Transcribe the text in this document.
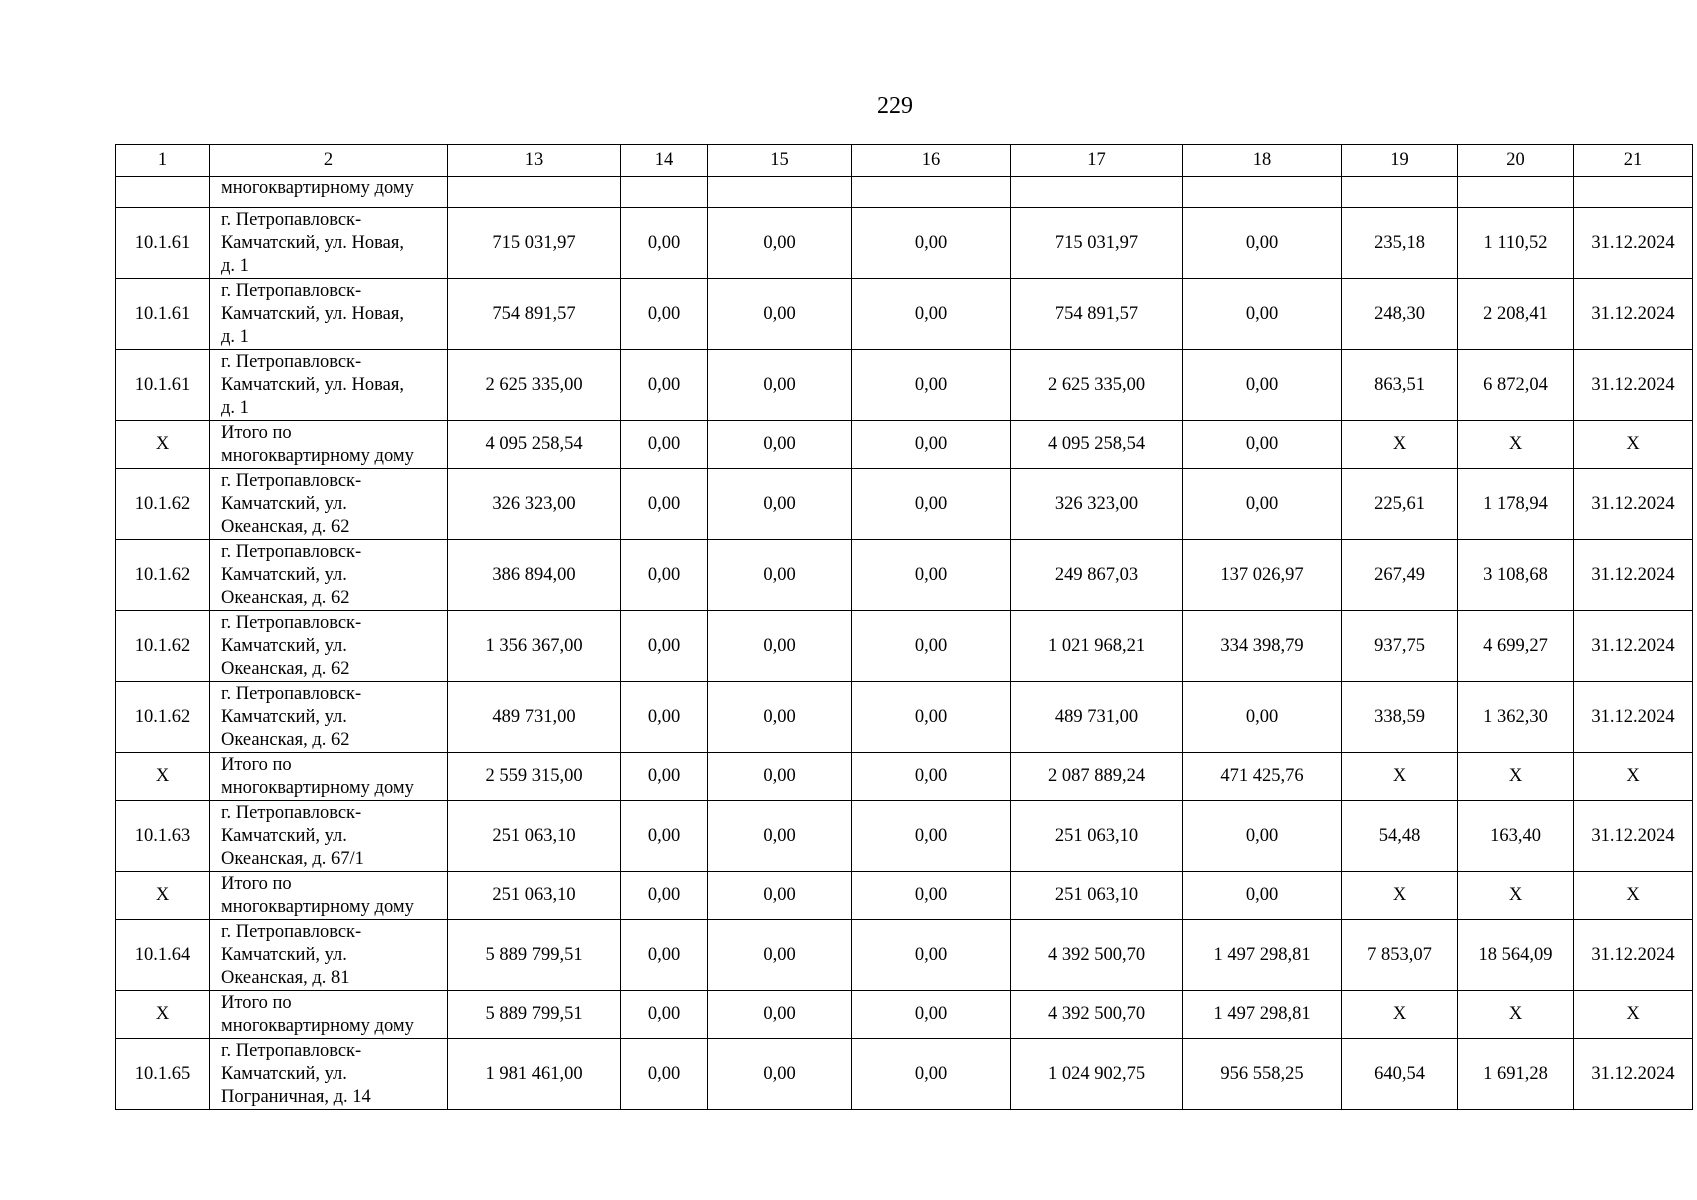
229
1	2	13	14	15	16	17	18	19	20	21
	многоквартирному дому									
10.1.61	г. Петропавловск-
Камчатский, ул. Новая,
д. 1	715 031,97	0,00	0,00	0,00	715 031,97	0,00	235,18	1 110,52	31.12.2024
10.1.61	г. Петропавловск-
Камчатский, ул. Новая,
д. 1	754 891,57	0,00	0,00	0,00	754 891,57	0,00	248,30	2 208,41	31.12.2024
10.1.61	г. Петропавловск-
Камчатский, ул. Новая,
д. 1	2 625 335,00	0,00	0,00	0,00	2 625 335,00	0,00	863,51	6 872,04	31.12.2024
X	Итого по
многоквартирному дому	4 095 258,54	0,00	0,00	0,00	4 095 258,54	0,00	X	X	X
10.1.62	г. Петропавловск-
Камчатский, ул.
Океанская, д. 62	326 323,00	0,00	0,00	0,00	326 323,00	0,00	225,61	1 178,94	31.12.2024
10.1.62	г. Петропавловск-
Камчатский, ул.
Океанская, д. 62	386 894,00	0,00	0,00	0,00	249 867,03	137 026,97	267,49	3 108,68	31.12.2024
10.1.62	г. Петропавловск-
Камчатский, ул.
Океанская, д. 62	1 356 367,00	0,00	0,00	0,00	1 021 968,21	334 398,79	937,75	4 699,27	31.12.2024
10.1.62	г. Петропавловск-
Камчатский, ул.
Океанская, д. 62	489 731,00	0,00	0,00	0,00	489 731,00	0,00	338,59	1 362,30	31.12.2024
X	Итого по
многоквартирному дому	2 559 315,00	0,00	0,00	0,00	2 087 889,24	471 425,76	X	X	X
10.1.63	г. Петропавловск-
Камчатский, ул.
Океанская, д. 67/1	251 063,10	0,00	0,00	0,00	251 063,10	0,00	54,48	163,40	31.12.2024
X	Итого по
многоквартирному дому	251 063,10	0,00	0,00	0,00	251 063,10	0,00	X	X	X
10.1.64	г. Петропавловск-
Камчатский, ул.
Океанская, д. 81	5 889 799,51	0,00	0,00	0,00	4 392 500,70	1 497 298,81	7 853,07	18 564,09	31.12.2024
X	Итого по
многоквартирному дому	5 889 799,51	0,00	0,00	0,00	4 392 500,70	1 497 298,81	X	X	X
10.1.65	г. Петропавловск-
Камчатский, ул.
Пограничная, д. 14	1 981 461,00	0,00	0,00	0,00	1 024 902,75	956 558,25	640,54	1 691,28	31.12.2024
